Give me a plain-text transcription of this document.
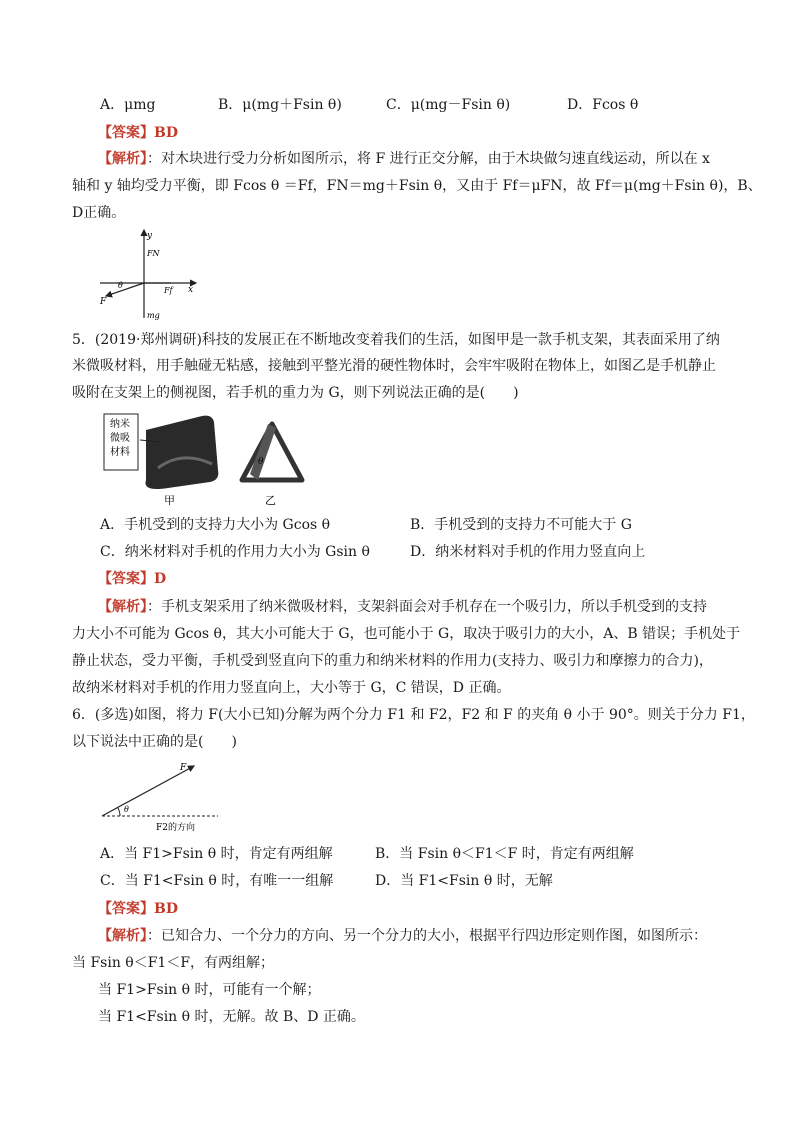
A．μmg	B．μ(mg＋Fsin θ)	C．μ(mg－Fsin θ)	D．Fcos θ
【答案】BD
【解析】：对木块进行受力分析如图所示，将 F 进行正交分解，由于木块做匀速直线运动，所以在 x
轴和 y 轴均受力平衡，即 Fcos θ ＝Ff，FN＝mg＋Fsin θ，又由于 Ff＝μFN，故 Ff＝μ(mg＋Fsin θ)，B、
D正确。
y
FN
θ
Ff x
F
mg
5．(2019·郑州调研)科技的发展正在不断地改变着我们的生活，如图甲是一款手机支架，其表面采用了纳
米微吸材料，用手触碰无粘感，接触到平整光滑的硬性物体时，会牢牢吸附在物体上，如图乙是手机静止
吸附在支架上的侧视图，若手机的重力为 G，则下列说法正确的是(　　)
纳米
微吸
材料
甲
θ
乙
A．手机受到的支持力大小为 Gcos θ	B．手机受到的支持力不可能大于 G
C．纳米材料对手机的作用力大小为 Gsin θ	D．纳米材料对手机的作用力竖直向上
【答案】D
【解析】：手机支架采用了纳米微吸材料，支架斜面会对手机存在一个吸引力，所以手机受到的支持
力大小不可能为 Gcos θ，其大小可能大于 G，也可能小于 G，取决于吸引力的大小，A、B 错误；手机处于
静止状态，受力平衡，手机受到竖直向下的重力和纳米材料的作用力(支持力、吸引力和摩擦力的合力)，
故纳米材料对手机的作用力竖直向上，大小等于 G，C 错误，D 正确。
6．(多选)如图，将力 F(大小已知)分解为两个分力 F1 和 F2，F2 和 F 的夹角 θ 小于 90°。则关于分力 F1，
以下说法中正确的是(　　)
F
θ
F2的方向
A．当 F1>Fsin θ 时，肯定有两组解	B．当 Fsin θ＜F1＜F 时，肯定有两组解
C．当 F1<Fsin θ 时，有唯一一组解	D．当 F1<Fsin θ 时，无解
【答案】BD
【解析】：已知合力、一个分力的方向、另一个分力的大小，根据平行四边形定则作图，如图所示：
当 Fsin θ＜F1＜F，有两组解；
当 F1>Fsin θ 时，可能有一个解；
当 F1<Fsin θ 时，无解。故 B、D 正确。
